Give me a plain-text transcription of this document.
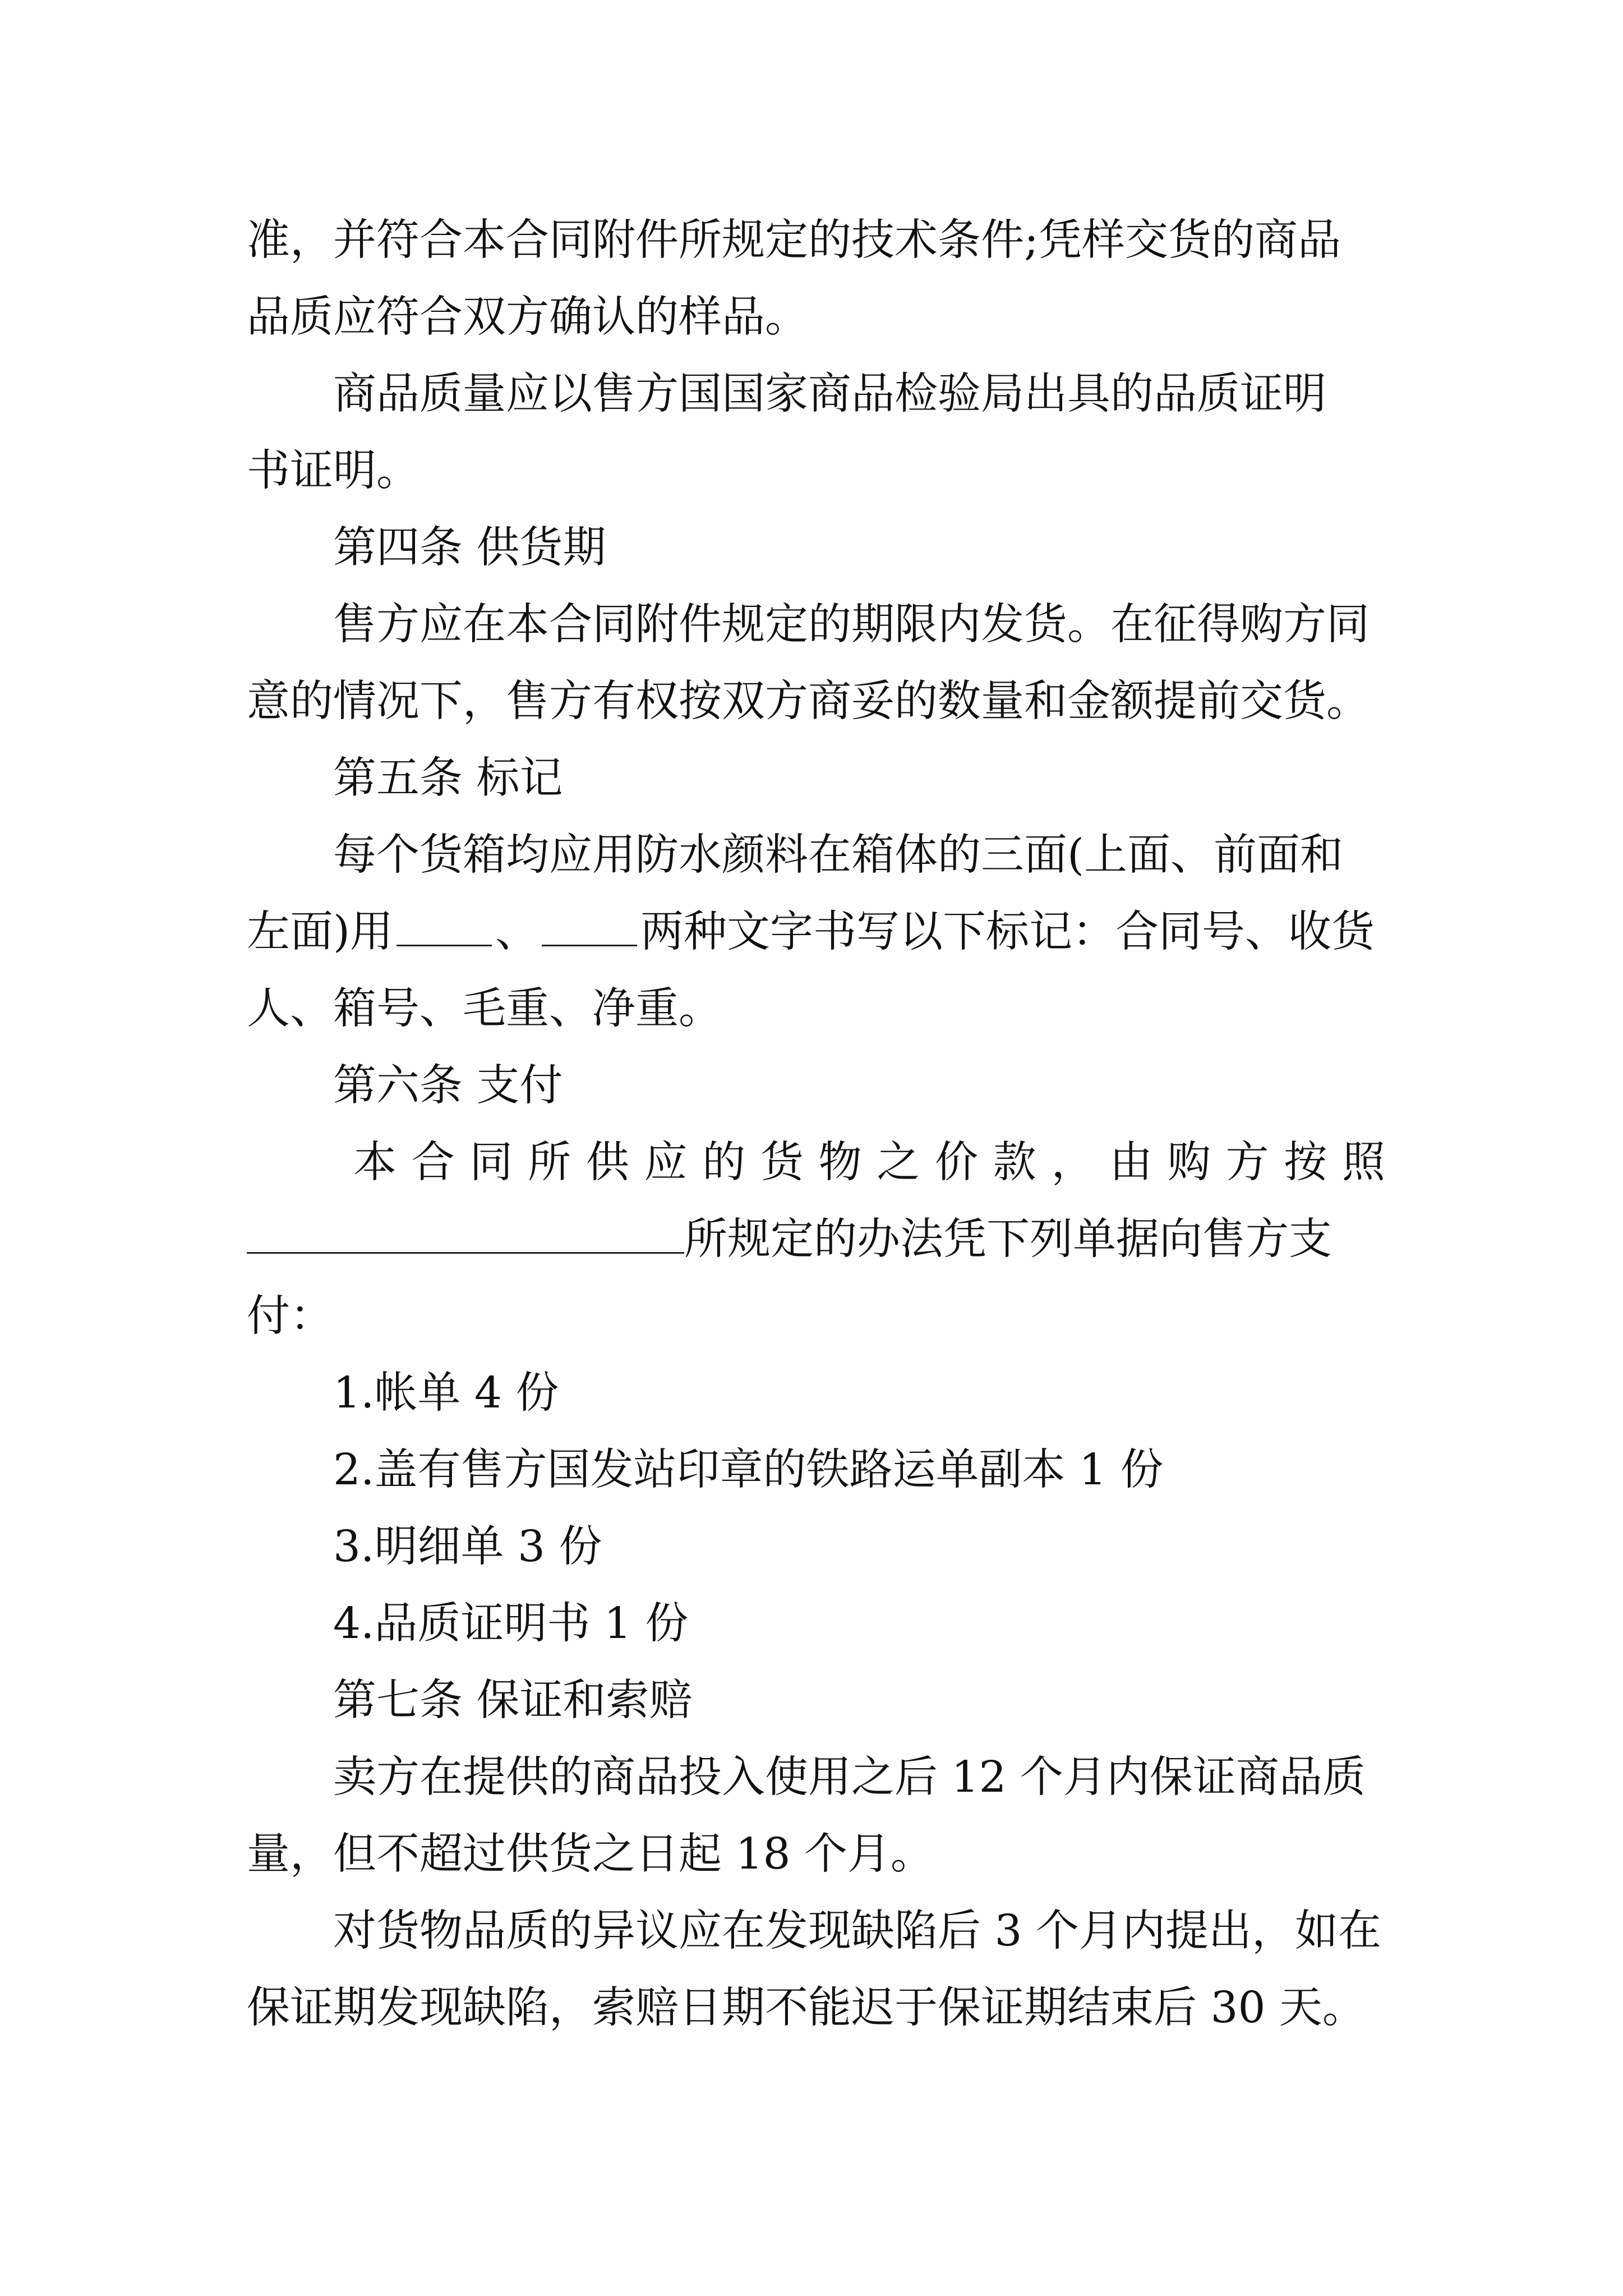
准，并符合本合同附件所规定的技术条件;凭样交货的商品
品质应符合双方确认的样品。
商品质量应以售方国国家商品检验局出具的品质证明
书证明。
第四条 供货期
售方应在本合同附件规定的期限内发货。在征得购方同
意的情况下，售方有权按双方商妥的数量和金额提前交货。
第五条 标记
每个货箱均应用防水颜料在箱体的三面(上面、前面和
左面)用 、 两种文字书写以下标记：合同号、收货
人、箱号、毛重、净重。
第六条 支付
本 合 同 所 供 应 的 货 物 之 价 款 ， 由 购 方 按 照
所规定的办法凭下列单据向售方支
付：
1.帐单 4 份
2.盖有售方国发站印章的铁路运单副本 1 份
3.明细单 3 份
4.品质证明书 1 份
第七条 保证和索赔
卖方在提供的商品投入使用之后 12 个月内保证商品质
量，但不超过供货之日起 18 个月。
对货物品质的异议应在发现缺陷后 3 个月内提出，如在
保证期发现缺陷，索赔日期不能迟于保证期结束后 30 天。
